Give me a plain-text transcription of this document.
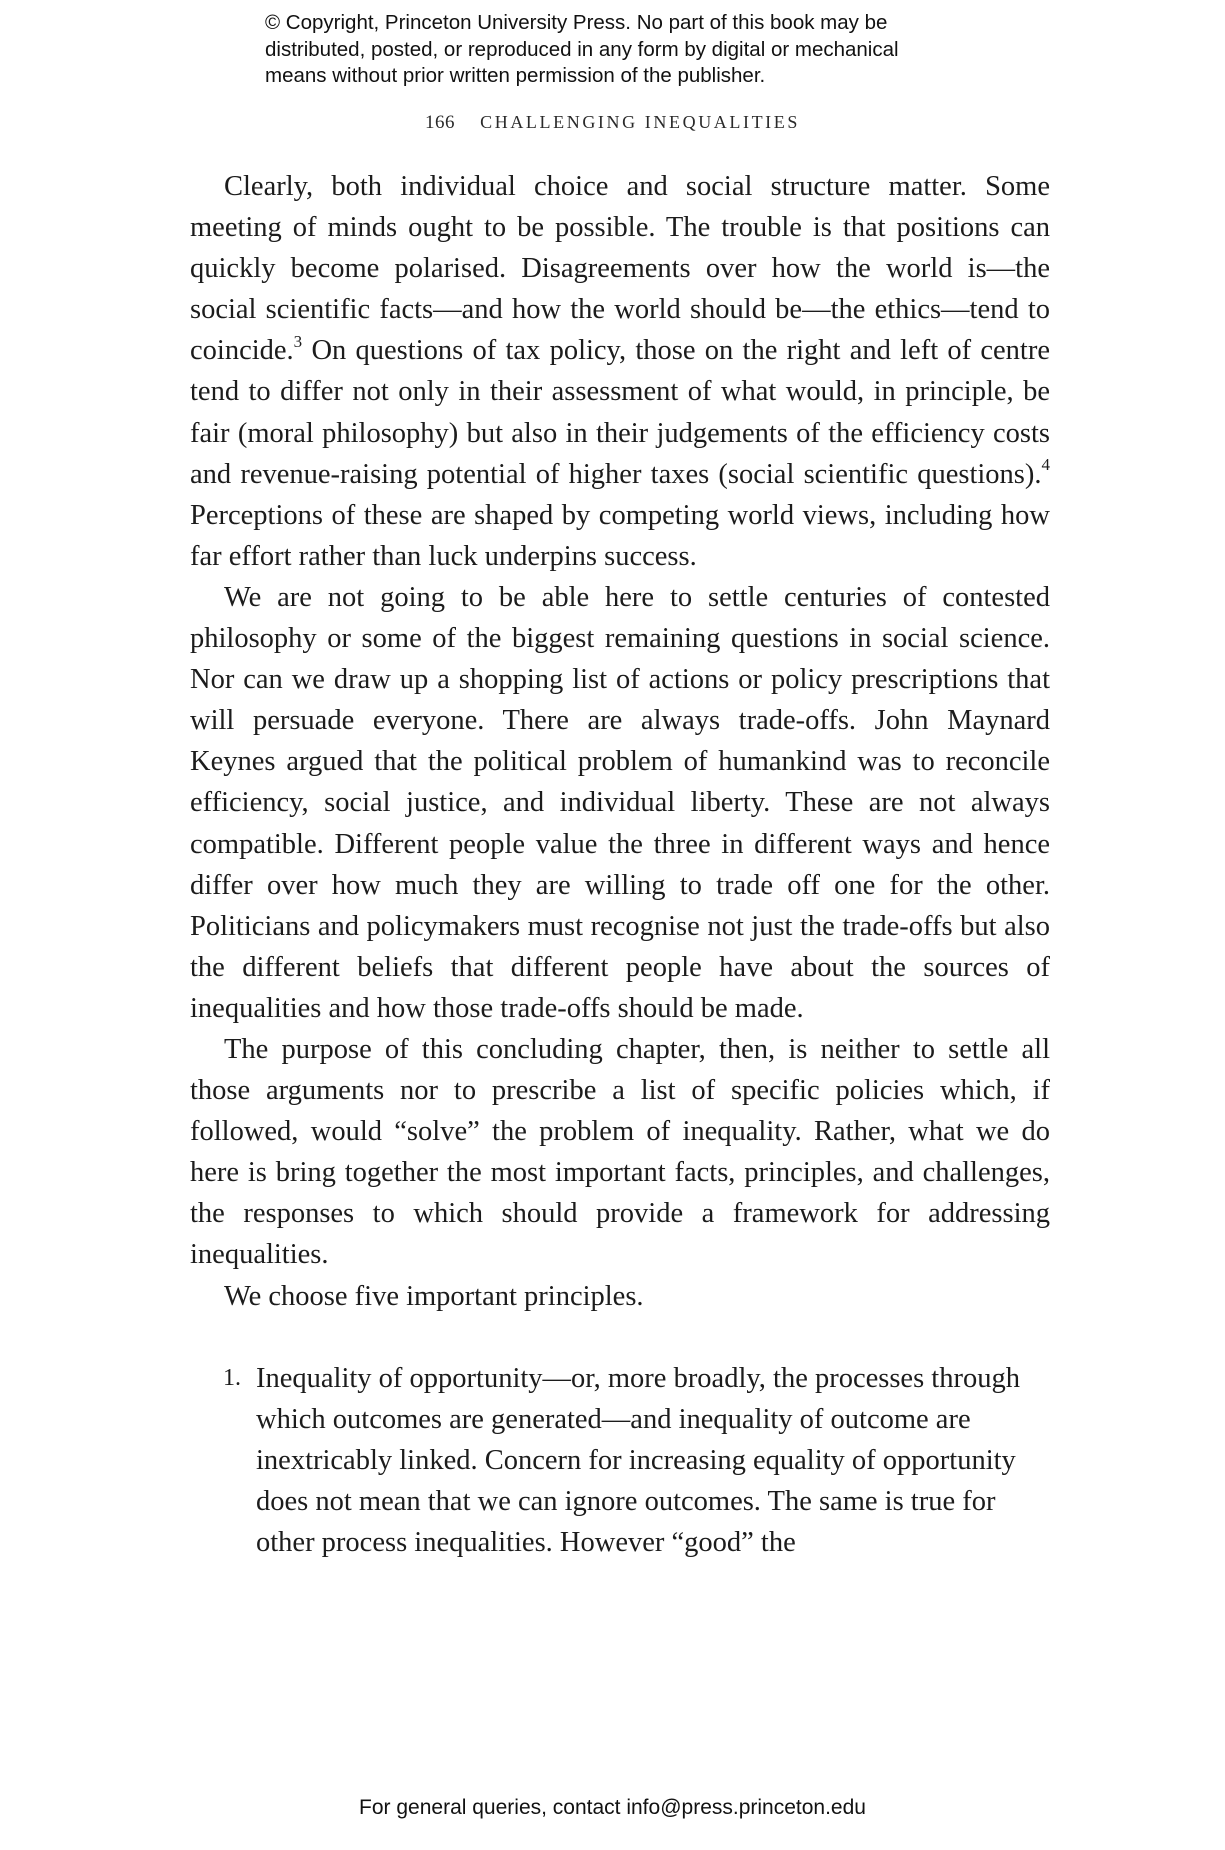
© Copyright, Princeton University Press. No part of this book may be
distributed, posted, or reproduced in any form by digital or mechanical
means without prior written permission of the publisher.
166 CHALLENGING INEQUALITIES

Clearly, both individual choice and social structure matter. Some meeting of minds ought to be possible. The trouble is that positions can quickly become polarised. Disagreements over how the world is—the social scientific facts—and how the world should be—the ethics—tend to coincide.$^3$ On questions of tax policy, those on the right and left of centre tend to differ not only in their assessment of what would, in principle, be fair (moral philosophy) but also in their judgements of the efficiency costs and revenue-raising potential of higher taxes (social scientific questions).$^4$ Perceptions of these are shaped by competing world views, including how far effort rather than luck underpins success.

We are not going to be able here to settle centuries of contested philosophy or some of the biggest remaining questions in social science. Nor can we draw up a shopping list of actions or policy prescriptions that will persuade everyone. There are always trade-offs. John Maynard Keynes argued that the political problem of humankind was to reconcile efficiency, social justice, and individual liberty. These are not always compatible. Different people value the three in different ways and hence differ over how much they are willing to trade off one for the other. Politicians and policymakers must recognise not just the trade-offs but also the different beliefs that different people have about the sources of inequalities and how those trade-offs should be made.

The purpose of this concluding chapter, then, is neither to settle all those arguments nor to prescribe a list of specific policies which, if followed, would “solve” the problem of inequality. Rather, what we do here is bring together the most important facts, principles, and challenges, the responses to which should provide a framework for addressing inequalities.

We choose five important principles.

1. Inequality of opportunity—or, more broadly, the processes through which outcomes are generated—and inequality of outcome are inextricably linked. Concern for increasing equality of opportunity does not mean that we can ignore outcomes. The same is true for other process inequalities. However “good” the
For general queries, contact info@press.princeton.edu
